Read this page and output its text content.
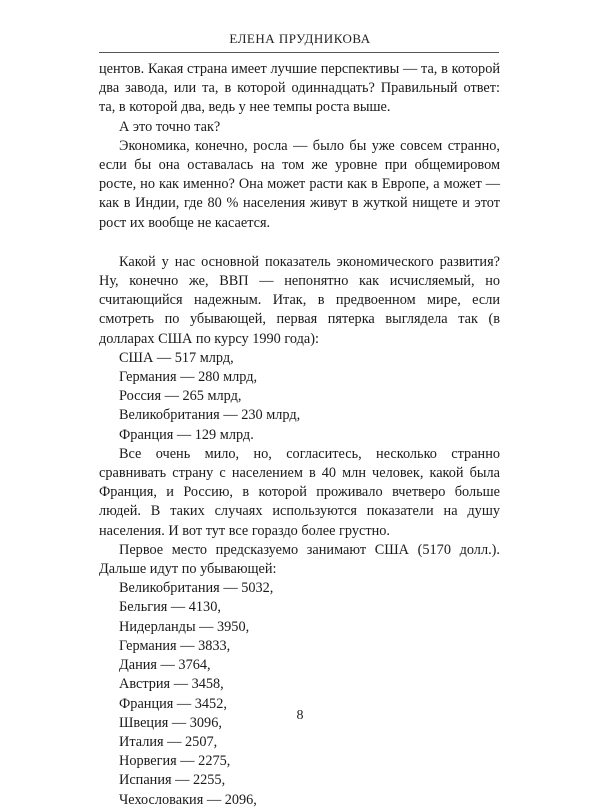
ЕЛЕНА ПРУДНИКОВА

центов. Какая страна имеет лучшие перспективы — та, в которой два завода, или та, в которой одиннадцать? Правильный ответ: та, в которой два, ведь у нее темпы роста выше.

А это точно так?

Экономика, конечно, росла — было бы уже совсем странно, если бы она оставалась на том же уровне при общемировом росте, но как именно? Она может расти как в Европе, а может — как в Индии, где 80 % населения живут в жуткой нищете и этот рост их вообще не касается.

Какой у нас основной показатель экономического развития? Ну, конечно же, ВВП — непонятно как исчисляемый, но считающийся надежным. Итак, в предвоенном мире, если смотреть по убывающей, первая пятерка выглядела так (в долларах США по курсу 1990 года):

США — 517 млрд,
Германия — 280 млрд,
Россия — 265 млрд,
Великобритания — 230 млрд,
Франция — 129 млрд.

Все очень мило, но, согласитесь, несколько странно сравнивать страну с населением в 40 млн человек, какой была Франция, и Россию, в которой проживало вчетверо больше людей. В таких случаях используются показатели на душу населения. И вот тут все гораздо более грустно.

Первое место предсказуемо занимают США (5170 долл.). Дальше идут по убывающей:

Великобритания — 5032,
Бельгия — 4130,
Нидерланды — 3950,
Германия — 3833,
Дания — 3764,
Австрия — 3458,
Франция — 3452,
Швеция — 3096,
Италия — 2507,
Норвегия — 2275,
Испания — 2255,
Чехословакия — 2096,
8
